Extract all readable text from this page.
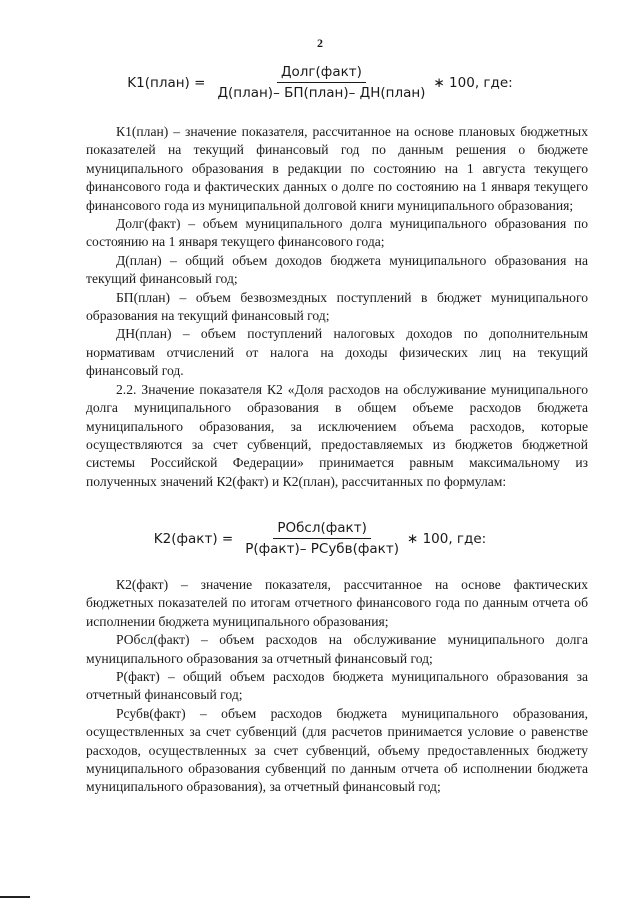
2
K1(план) = $\frac{\text{Долг(факт)}}{\text{Д(план)– БП(план)– ДН(план)}}$ ∗ 100, где:

К1(план) – значение показателя, рассчитанное на основе плановых бюджетных показателей на текущий финансовый год по данным решения о бюджете муниципального образования в редакции по состоянию на 1 августа текущего финансового года и фактических данных о долге по состоянию на 1 января текущего финансового года из муниципальной долговой книги муниципального образования;

Долг(факт) – объем муниципального долга муниципального образования по состоянию на 1 января текущего финансового года;

Д(план) – общий объем доходов бюджета муниципального образования на текущий финансовый год;

БП(план) – объем безвозмездных поступлений в бюджет муниципального образования на текущий финансовый год;

ДН(план) – объем поступлений налоговых доходов по дополнительным нормативам отчислений от налога на доходы физических лиц на текущий финансовый год.

2.2. Значение показателя К2 «Доля расходов на обслуживание муниципального долга муниципального образования в общем объеме расходов бюджета муниципального образования, за исключением объема расходов, которые осуществляются за счет субвенций, предоставляемых из бюджетов бюджетной системы Российской Федерации» принимается равным максимальному из полученных значений К2(факт) и К2(план), рассчитанных по формулам:

K2(факт) = $\frac{\text{РОбсл(факт)}}{\text{Р(факт)– РСубв(факт)}}$ ∗ 100, где:

К2(факт) – значение показателя, рассчитанное на основе фактических бюджетных показателей по итогам отчетного финансового года по данным отчета об исполнении бюджета муниципального образования;

РОбсл(факт) – объем расходов на обслуживание муниципального долга муниципального образования за отчетный финансовый год;

Р(факт) – общий объем расходов бюджета муниципального образования за отчетный финансовый год;

Рсубв(факт) – объем расходов бюджета муниципального образования, осуществленных за счет субвенций (для расчетов принимается условие о равенстве расходов, осуществленных за счет субвенций, объему предоставленных бюджету муниципального образования субвенций по данным отчета об исполнении бюджета муниципального образования), за отчетный финансовый год;
